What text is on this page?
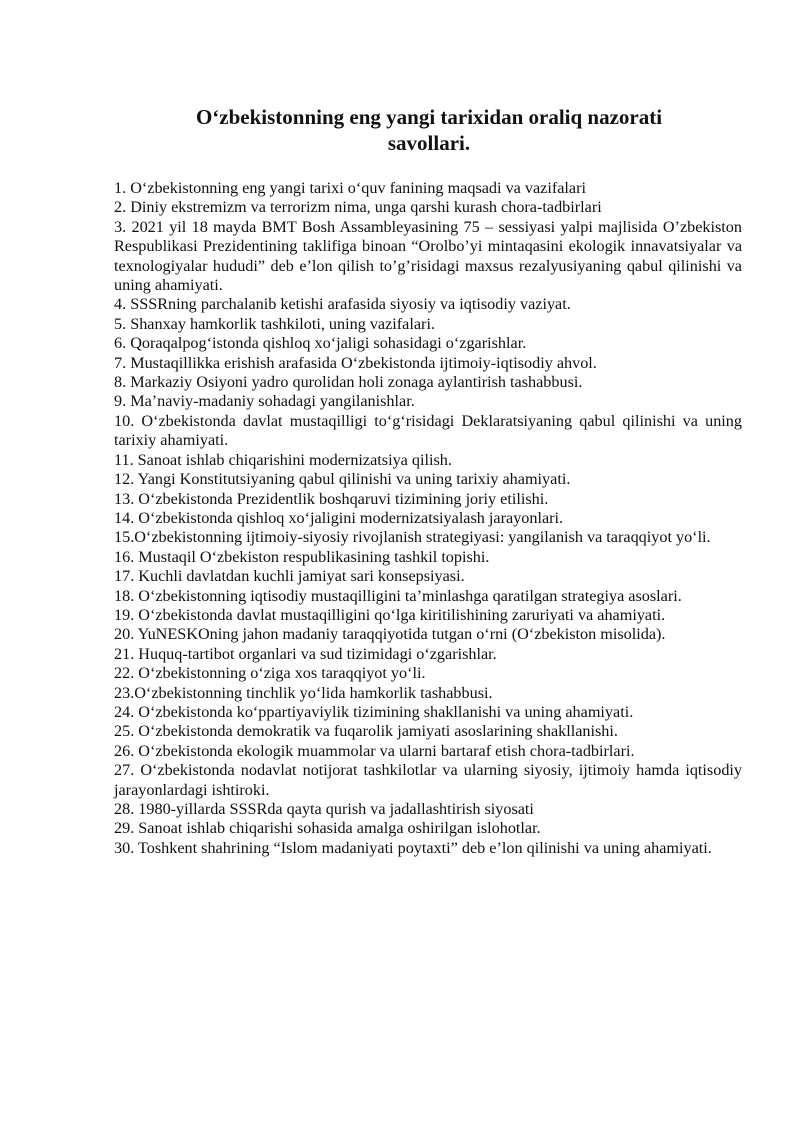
O‘zbekistonning eng yangi tarixidan oraliq nazorati
savollari.
1. O‘zbekistonning eng yangi tarixi o‘quv fanining maqsadi va vazifalari
2. Diniy ekstremizm va terrorizm nima, unga qarshi kurash chora-tadbirlari
3. 2021 yil 18 mayda BMT Bosh Assambleyasining 75 – sessiyasi yalpi majlisida O’zbekiston Respublikasi Prezidentining taklifiga binoan “Orolbo’yi mintaqasini ekologik innavatsiyalar va texnologiyalar hududi” deb e’lon qilish to’g’risidagi maxsus rezalyusiyaning qabul qilinishi va uning ahamiyati.
4. SSSRning parchalanib ketishi arafasida siyosiy va iqtisodiy vaziyat.
5. Shanxay hamkorlik tashkiloti, uning vazifalari.
6. Qoraqalpog‘istonda qishloq xo‘jaligi sohasidagi o‘zgarishlar.
7. Mustaqillikka erishish arafasida O‘zbekistonda ijtimoiy-iqtisodiy ahvol.
8. Markaziy Osiyoni yadro qurolidan holi zonaga aylantirish tashabbusi.
9. Ma’naviy-madaniy sohadagi yangilanishlar.
10. O‘zbekistonda davlat mustaqilligi to‘g‘risidagi Deklaratsiyaning qabul qilinishi va uning tarixiy ahamiyati.
11. Sanoat ishlab chiqarishini modernizatsiya qilish.
12. Yangi Konstitutsiyaning qabul qilinishi va uning tarixiy ahamiyati.
13. O‘zbekistonda Prezidentlik boshqaruvi tizimining joriy etilishi.
14. O‘zbekistonda qishloq xo‘jaligini modernizatsiyalash jarayonlari.
15.O‘zbekistonning ijtimoiy-siyosiy rivojlanish strategiyasi: yangilanish va taraqqiyot yo‘li.
16. Mustaqil O‘zbekiston respublikasining tashkil topishi.
17. Kuchli davlatdan kuchli jamiyat sari konsepsiyasi.
18. O‘zbekistonning iqtisodiy mustaqilligini ta’minlashga qaratilgan strategiya asoslari.
19. O‘zbekistonda davlat mustaqilligini qo‘lga kiritilishining zaruriyati va ahamiyati.
20. YuNESKOning jahon madaniy taraqqiyotida tutgan o‘rni (O‘zbekiston misolida).
21. Huquq-tartibot organlari va sud tizimidagi o‘zgarishlar.
22. O‘zbekistonning o‘ziga xos taraqqiyot yo‘li.
23.O‘zbekistonning tinchlik yo‘lida hamkorlik tashabbusi.
24. O‘zbekistonda ko‘ppartiyaviylik tizimining shakllanishi va uning ahamiyati.
25. O‘zbekistonda demokratik va fuqarolik jamiyati asoslarining shakllanishi.
26. O‘zbekistonda ekologik muammolar va ularni bartaraf etish chora-tadbirlari.
27. O‘zbekistonda nodavlat notijorat tashkilotlar va ularning siyosiy, ijtimoiy hamda iqtisodiy jarayonlardagi ishtiroki.
28. 1980-yillarda SSSRda qayta qurish va jadallashtirish siyosati
29. Sanoat ishlab chiqarishi sohasida amalga oshirilgan islohotlar.
30. Toshkent shahrining “Islom madaniyati poytaxti” deb e’lon qilinishi va uning ahamiyati.
